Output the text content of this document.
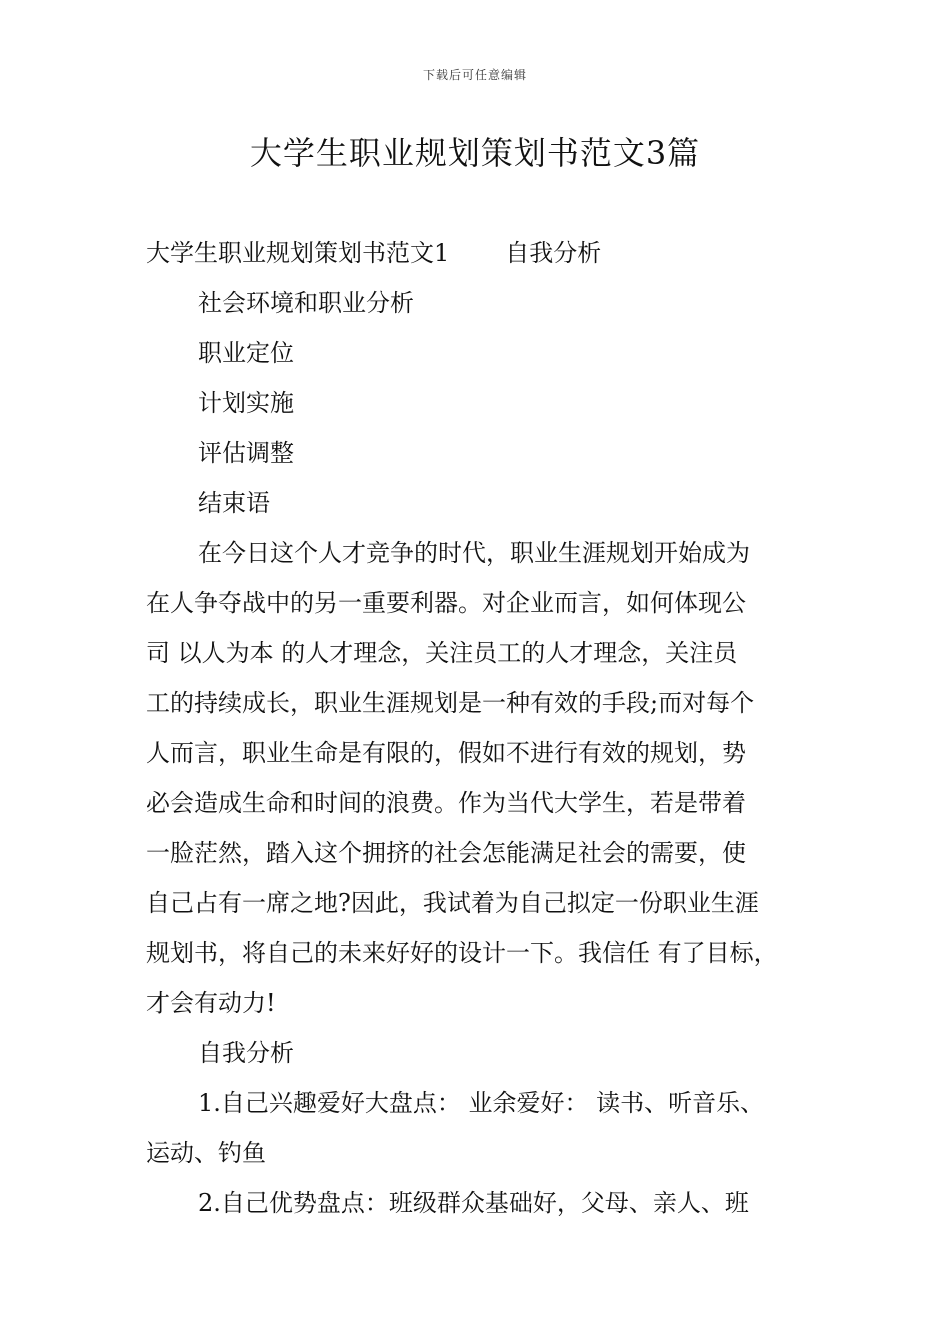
下载后可任意编辑
大学生职业规划策划书范文3篇
大学生职业规划策划书范文1 自我分析
社会环境和职业分析
职业定位
计划实施
评估调整
结束语
在今日这个人才竞争的时代，职业生涯规划开始成为
在人争夺战中的另一重要利器。对企业而言，如何体现公
司 以人为本 的人才理念，关注员工的人才理念，关注员
工的持续成长，职业生涯规划是一种有效的手段;而对每个
人而言，职业生命是有限的，假如不进行有效的规划，势
必会造成生命和时间的浪费。作为当代大学生，若是带着
一脸茫然，踏入这个拥挤的社会怎能满足社会的需要，使
自己占有一席之地?因此，我试着为自己拟定一份职业生涯
规划书，将自己的未来好好的设计一下。我信任 有了目标，
才会有动力!
自我分析
1.自己兴趣爱好大盘点： 业余爱好： 读书、听音乐、
运动、钓鱼
2.自己优势盘点：班级群众基础好，父母、亲人、班
